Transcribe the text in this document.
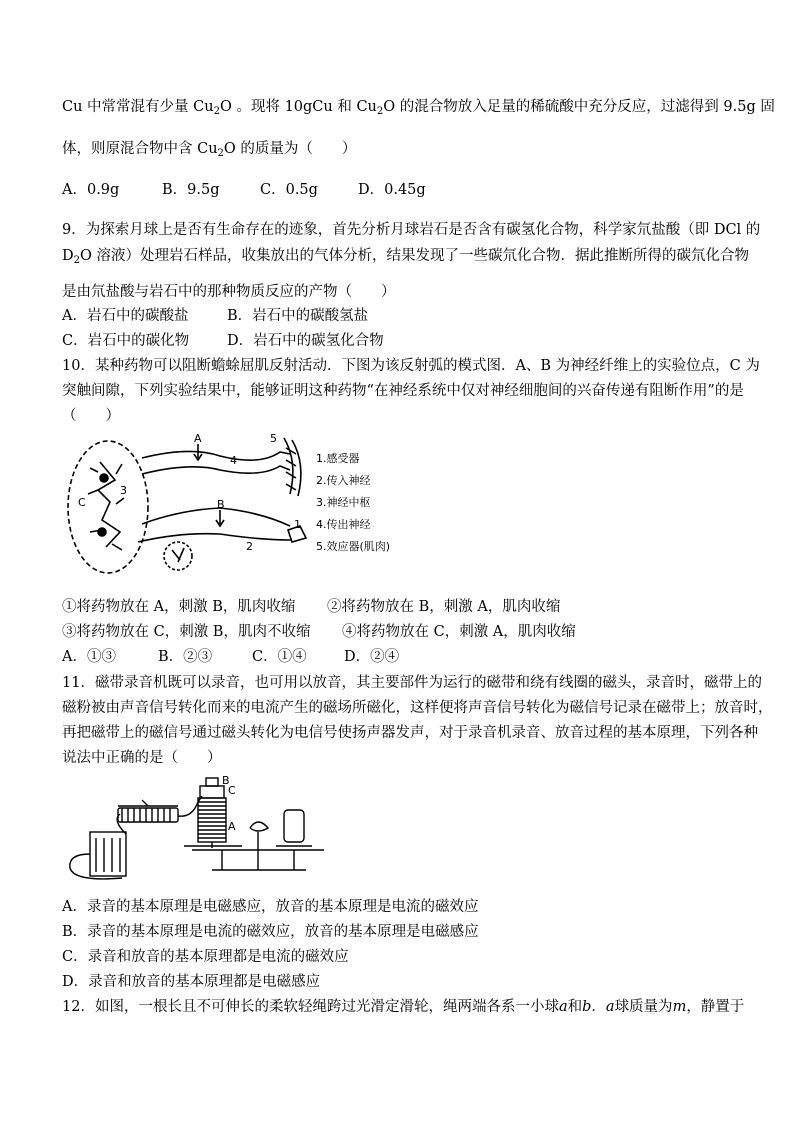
Cu 中常常混有少量 $Cu_2O$ 。现将 10gCu 和 $Cu_2O$ 的混合物放入足量的稀硫酸中充分反应，过滤得到 9.5g 固
体，则原混合物中含 $Cu_2O$ 的质量为（　　）
A．0.9g	B．9.5g	C．0.5g	D．0.45g
9．为探索月球上是否有生命存在的迹象，首先分析月球岩石是否含有碳氢化合物，科学家氘盐酸（即 DCl 的
$D_2O$ 溶液）处理岩石样品，收集放出的气体分析，结果发现了一些碳氘化合物．据此推断所得的碳氘化合物
是由氘盐酸与岩石中的那种物质反应的产物（　　）
A．岩石中的碳酸盐	B．岩石中的碳酸氢盐
C．岩石中的碳化物	D．岩石中的碳氢化合物
10．某种药物可以阻断蟾蜍屈肌反射活动．下图为该反射弧的模式图．A、B 为神经纤维上的实验位点，C 为
突触间隙，下列实验结果中，能够证明这种药物“在神经系统中仅对神经细胞间的兴奋传递有阻断作用”的是
（　　）
A
B
C
1
2
3
4
5
1.感受器
2.传入神经
3.神经中枢
4.传出神经
5.效应器(肌肉)
①将药物放在 A，刺激 B，肌肉收缩 ②将药物放在 B，刺激 A，肌肉收缩
③将药物放在 C，刺激 B，肌肉不收缩 ④将药物放在 C，刺激 A，肌肉收缩
A．①③	B．②③	C．①④	D．②④
11．磁带录音机既可以录音，也可用以放音，其主要部件为运行的磁带和绕有线圈的磁头，录音时，磁带上的
磁粉被由声音信号转化而来的电流产生的磁场所磁化，这样便将声音信号转化为磁信号记录在磁带上；放音时，
再把磁带上的磁信号通过磁头转化为电信号使扬声器发声，对于录音机录音、放音过程的基本原理，下列各种
说法中正确的是（　　）
B
C
A
A．录音的基本原理是电磁感应，放音的基本原理是电流的磁效应
B．录音的基本原理是电流的磁效应，放音的基本原理是电磁感应
C．录音和放音的基本原理都是电流的磁效应
D．录音和放音的基本原理都是电磁感应
12．如图，一根长且不可伸长的柔软轻绳跨过光滑定滑轮，绳两端各系一小球a和b．a球质量为m，静置于
